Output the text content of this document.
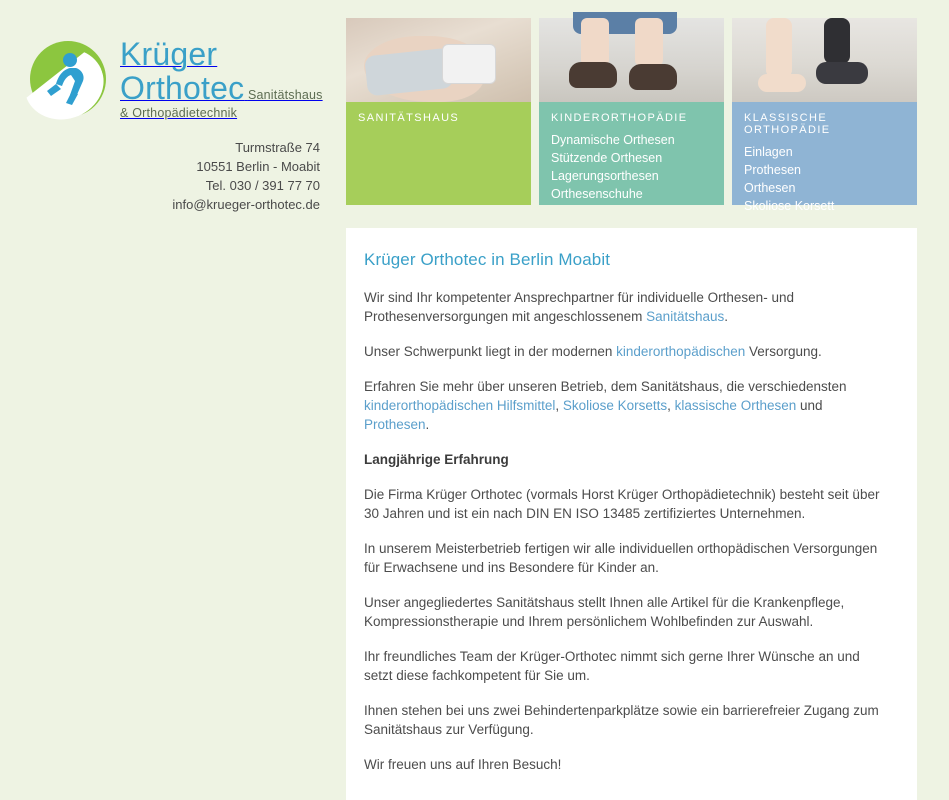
Krüger Orthotec Sanitätshaus & Orthopädietechnik
Turmstraße 74
10551 Berlin - Moabit
Tel. 030 / 391 77 70
info@krueger-orthotec.de
SANITÄTSHAUS	KINDERORTHOPÄDIE
Dynamische Orthesen
Stützende Orthesen
Lagerungsorthesen
Orthesenschuhe
KLASSISCHE ORTHOPÄDIE
Einlagen
Prothesen
Orthesen
Skoliose Korsett
Krüger Orthotec in Berlin Moabit

Wir sind Ihr kompetenter Ansprechpartner für individuelle Orthesen- und Prothesenversorgungen mit angeschlossenem Sanitätshaus.

Unser Schwerpunkt liegt in der modernen kinderorthopädischen Versorgung.

Erfahren Sie mehr über unseren Betrieb, dem Sanitätshaus, die verschiedensten kinderorthopädischen Hilfsmittel, Skoliose Korsetts, klassische Orthesen und Prothesen.

Langjährige Erfahrung

Die Firma Krüger Orthotec (vormals Horst Krüger Orthopädietechnik) besteht seit über 30 Jahren und ist ein nach DIN EN ISO 13485 zertifiziertes Unternehmen.

In unserem Meisterbetrieb fertigen wir alle individuellen orthopädischen Versorgungen für Erwachsene und ins Besondere für Kinder an.

Unser angegliedertes Sanitätshaus stellt Ihnen alle Artikel für die Krankenpflege, Kompressionstherapie und Ihrem persönlichem Wohlbefinden zur Auswahl.

Ihr freundliches Team der Krüger-Orthotec nimmt sich gerne Ihrer Wünsche an und setzt diese fachkompetent für Sie um.

Ihnen stehen bei uns zwei Behindertenparkplätze sowie ein barrierefreier Zugang zum Sanitätshaus zur Verfügung.

Wir freuen uns auf Ihren Besuch!
